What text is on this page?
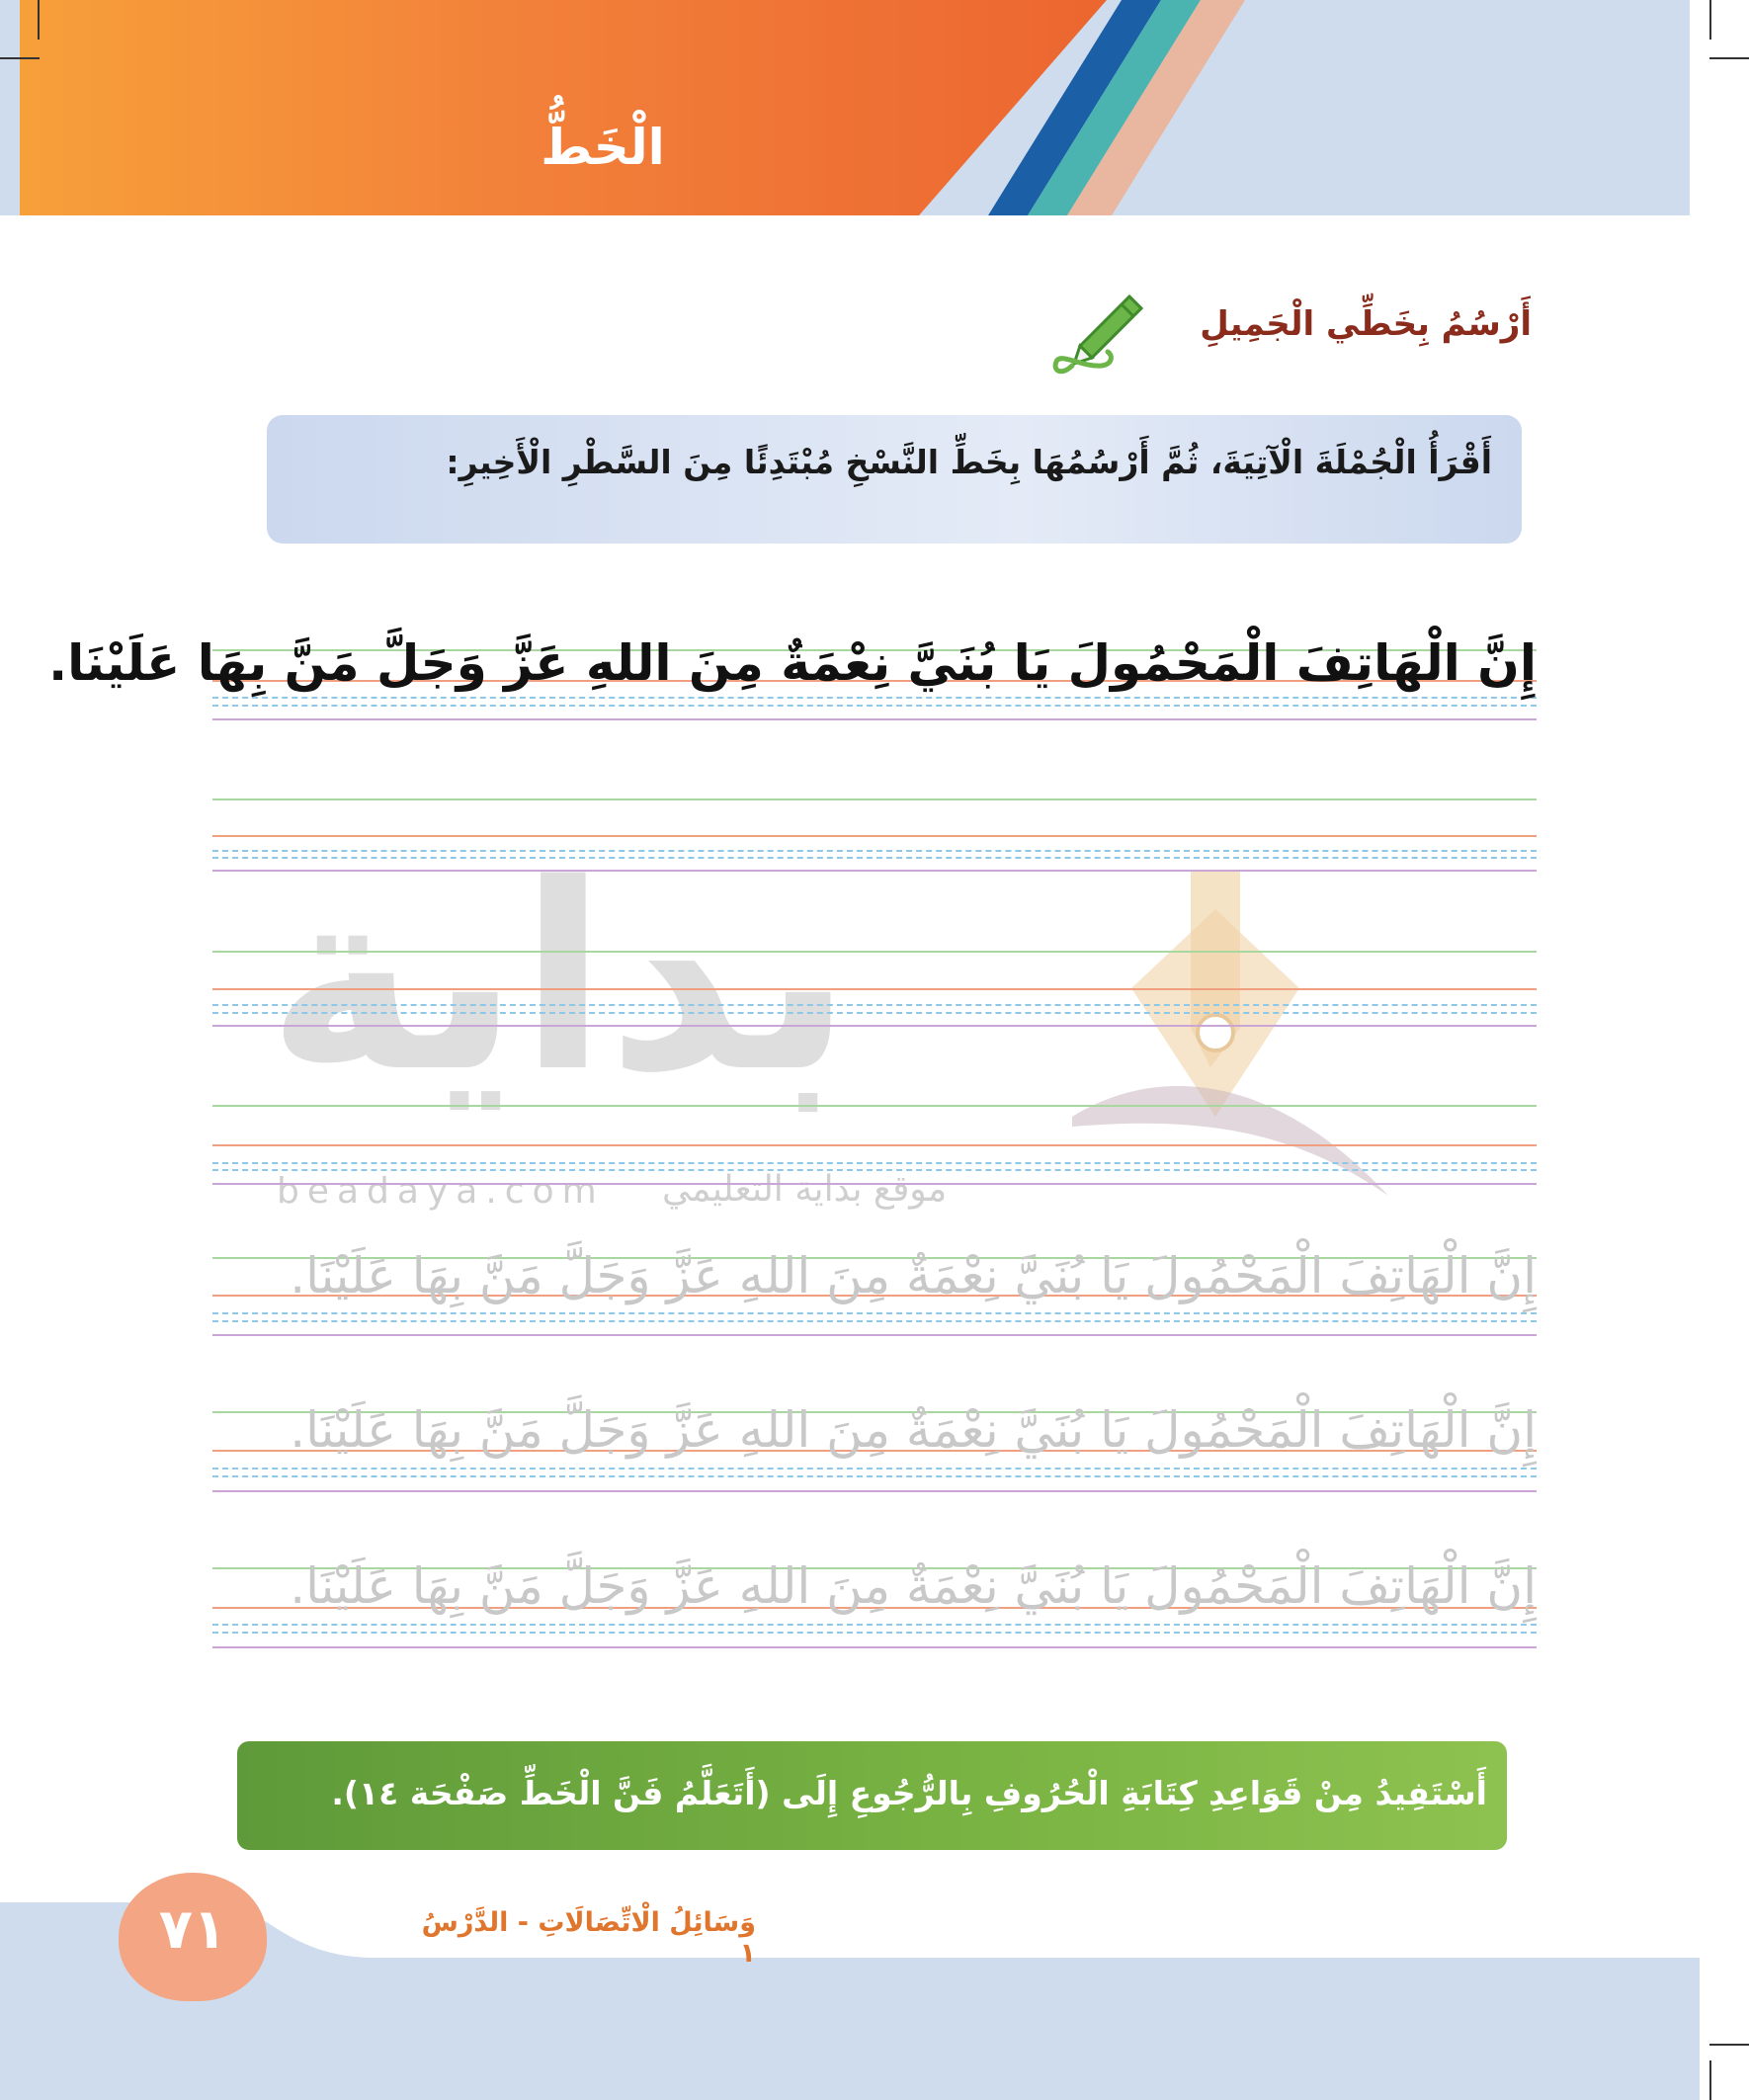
الْخَطُّ
أَرْسُمُ بِخَطِّي الْجَمِيلِ
أَقْرَأُ الْجُمْلَةَ الْآتِيَةَ، ثُمَّ أَرْسُمُهَا بِخَطِّ النَّسْخِ مُبْتَدِئًا مِنَ السَّطْرِ الْأَخِيرِ:
بداية
beadaya.com موقع بداية التعليمي
إِنَّ الْهَاتِفَ الْمَحْمُولَ يَا بُنَيَّ نِعْمَةٌ مِنَ اللهِ عَزَّ وَجَلَّ مَنَّ بِهَا عَلَيْنَا.
إِنَّ الْهَاتِفَ الْمَحْمُولَ يَا بُنَيَّ نِعْمَةٌ مِنَ اللهِ عَزَّ وَجَلَّ مَنَّ بِهَا عَلَيْنَا.
إِنَّ الْهَاتِفَ الْمَحْمُولَ يَا بُنَيَّ نِعْمَةٌ مِنَ اللهِ عَزَّ وَجَلَّ مَنَّ بِهَا عَلَيْنَا.
إِنَّ الْهَاتِفَ الْمَحْمُولَ يَا بُنَيَّ نِعْمَةٌ مِنَ اللهِ عَزَّ وَجَلَّ مَنَّ بِهَا عَلَيْنَا.
أَسْتَفِيدُ مِنْ قَوَاعِدِ كِتَابَةِ الْحُرُوفِ بِالرُّجُوعِ إِلَى (أَتَعَلَّمُ فَنَّ الْخَطِّ صَفْحَة ١٤).
٧١	وَسَائِلُ الْاتِّصَالَاتِ - الدَّرْسُ ١
